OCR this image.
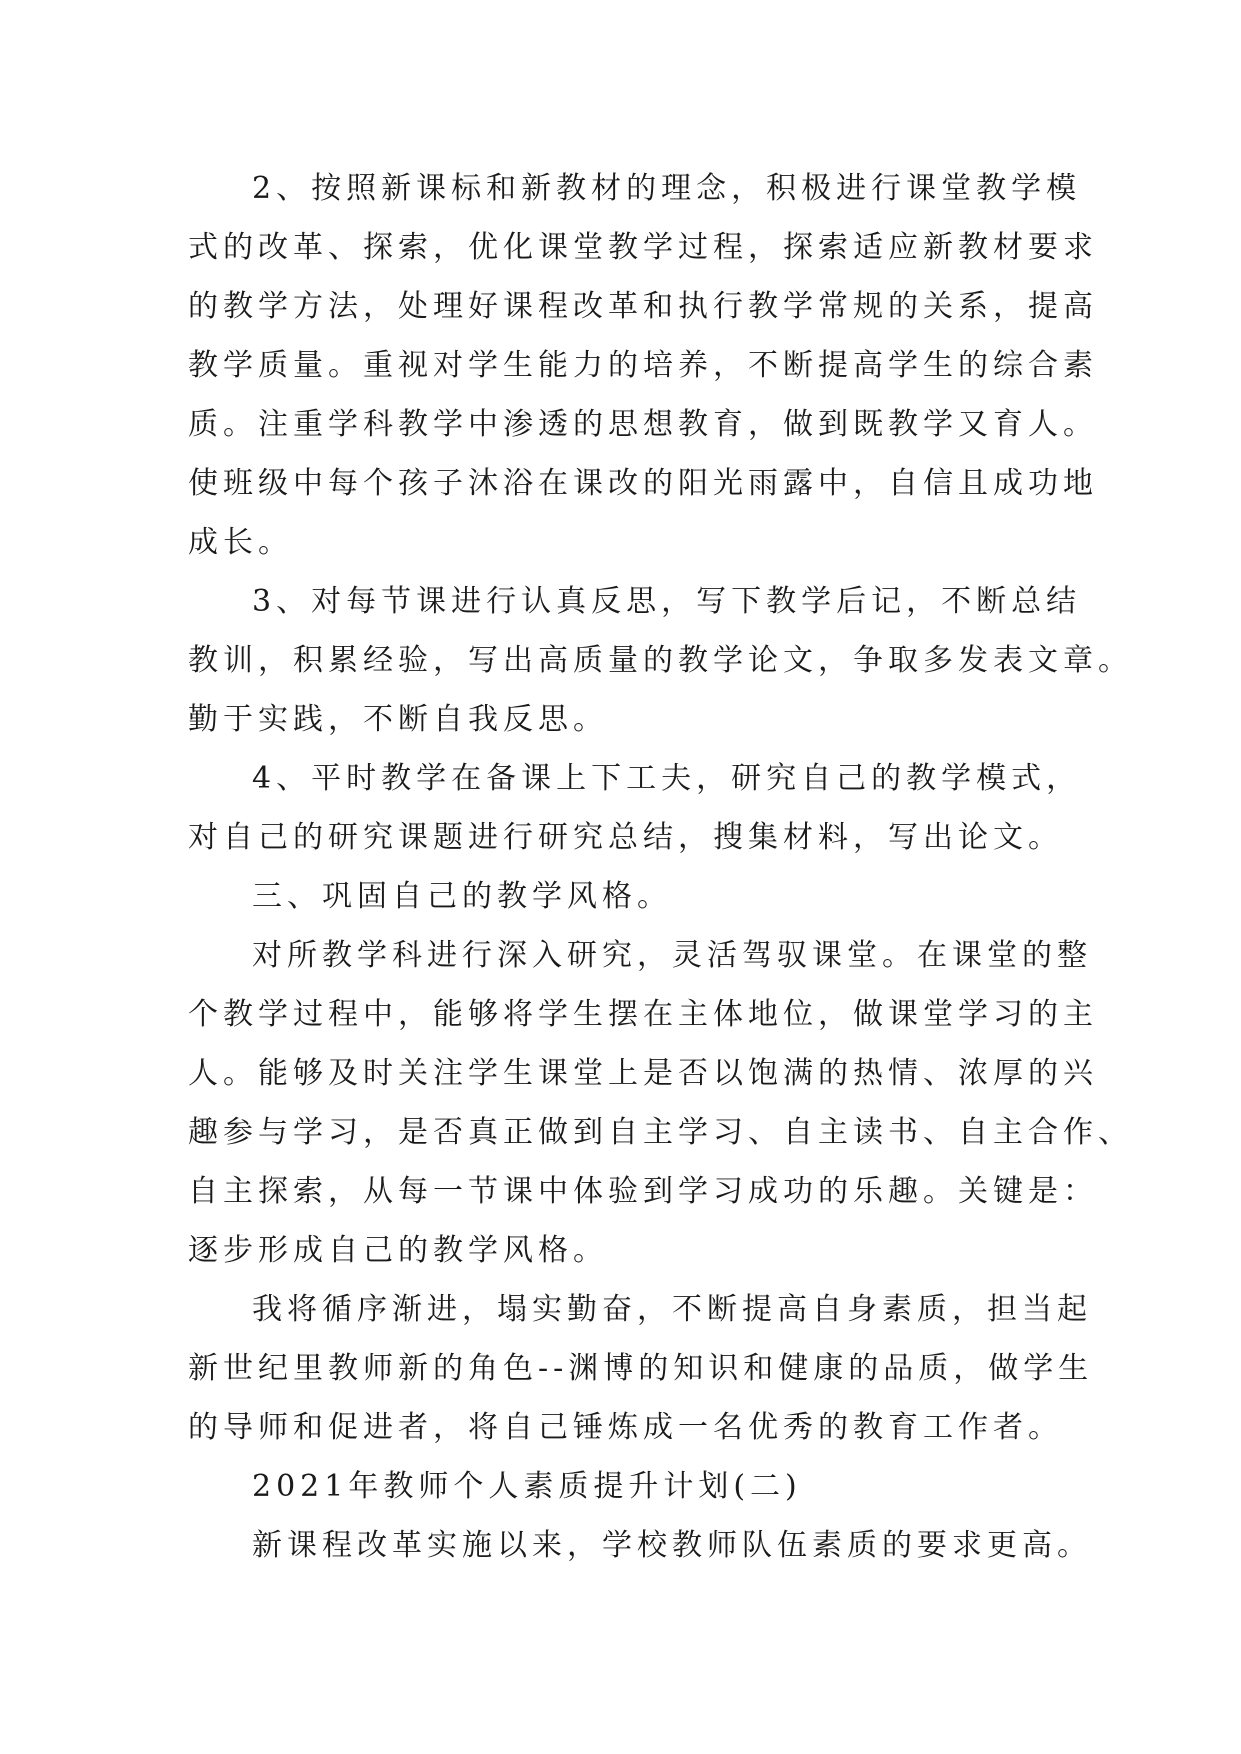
2、按照新课标和新教材的理念，积极进行课堂教学模
式的改革、探索，优化课堂教学过程，探索适应新教材要求
的教学方法，处理好课程改革和执行教学常规的关系，提高
教学质量。重视对学生能力的培养，不断提高学生的综合素
质。注重学科教学中渗透的思想教育，做到既教学又育人。
使班级中每个孩子沐浴在课改的阳光雨露中，自信且成功地
成长。
3、对每节课进行认真反思，写下教学后记，不断总结
教训，积累经验，写出高质量的教学论文，争取多发表文章。
勤于实践，不断自我反思。
4、平时教学在备课上下工夫，研究自己的教学模式，
对自己的研究课题进行研究总结，搜集材料，写出论文。
三、巩固自己的教学风格。
对所教学科进行深入研究，灵活驾驭课堂。在课堂的整
个教学过程中，能够将学生摆在主体地位，做课堂学习的主
人。能够及时关注学生课堂上是否以饱满的热情、浓厚的兴
趣参与学习，是否真正做到自主学习、自主读书、自主合作、
自主探索，从每一节课中体验到学习成功的乐趣。关键是：
逐步形成自己的教学风格。
我将循序渐进，塌实勤奋，不断提高自身素质，担当起
新世纪里教师新的角色--渊博的知识和健康的品质，做学生
的导师和促进者，将自己锤炼成一名优秀的教育工作者。
2021年教师个人素质提升计划(二)
新课程改革实施以来，学校教师队伍素质的要求更高。
